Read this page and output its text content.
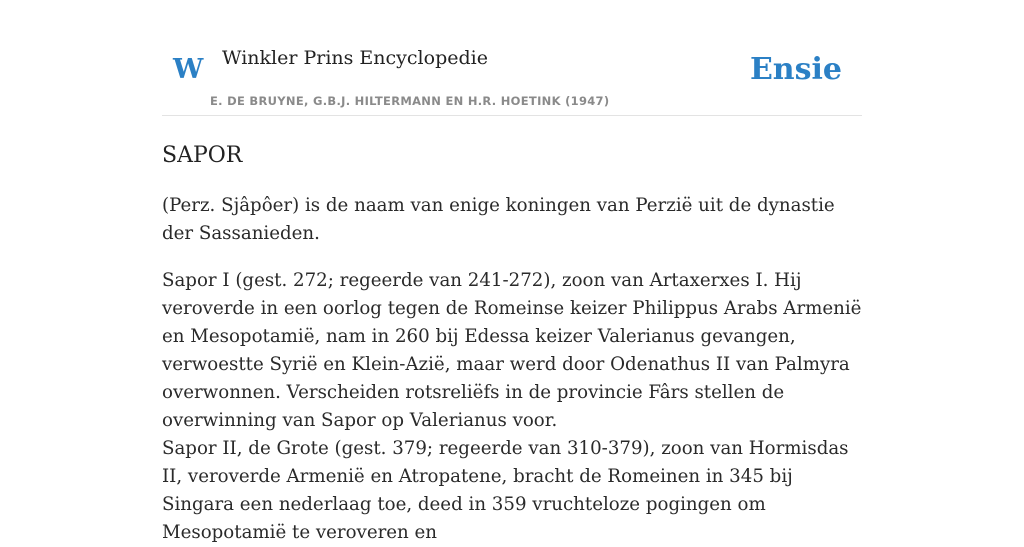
W Winkler Prins Encyclopedie
E. DE BRUYNE, G.B.J. HILTERMANN EN H.R. HOETINK (1947)
Ensie
SAPOR

(Perz. Sjâpôer) is de naam van enige koningen van Perzië uit de dynastie der Sassanieden.

Sapor I (gest. 272; regeerde van 241-272), zoon van Artaxerxes I. Hij veroverde in een oorlog tegen de Romeinse keizer Philippus Arabs Armenië en Mesopotamië, nam in 260 bij Edessa keizer Valerianus gevangen, verwoestte Syrië en Klein-Azië, maar werd door Odenathus II van Palmyra overwonnen. Verscheiden rotsreliëfs in de provincie Fârs stellen de overwinning van Sapor op Valerianus voor.

Sapor II, de Grote (gest. 379; regeerde van 310-379), zoon van Hormisdas II, veroverde Armenië en Atropatene, bracht de Romeinen in 345 bij Singara een nederlaag toe, deed in 359 vruchteloze pogingen om Mesopotamië te veroveren en
